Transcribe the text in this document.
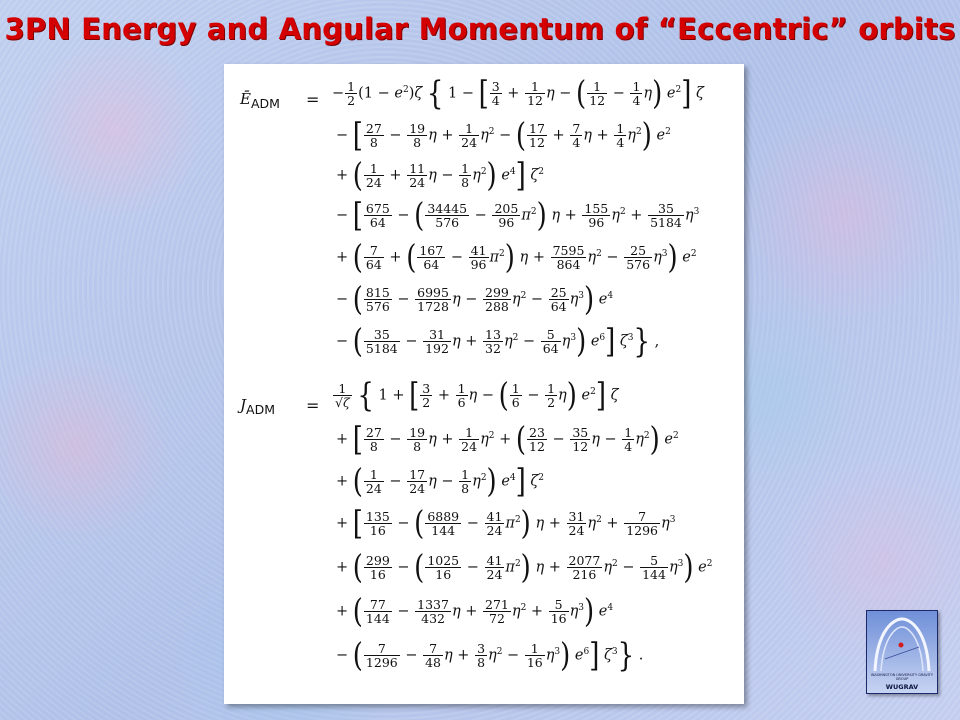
3PN Energy and Angular Momentum of “Eccentric” orbits
$Ē_{ADM}$ = − $\frac{1}{2} (1 - e^2)\zeta$ { 1 − [ $\frac{3}{4} + \frac{1}{12}$ η − ( $\frac{1}{12} - \frac{1}{4} \eta$) $e^2$] ζ
− [ $\frac{27}{8} - \frac{19}{8}$ $\eta + \frac{1}{24} \eta^2$ − ( $\frac{17}{12} + \frac{7}{4}$ $\eta + \frac{1}{4} \eta^2$) $e^2$
+ ( $\frac{1}{24} + \frac{11}{24}$ $\eta - \frac{1}{8} \eta^2$) $e^4$] $\zeta^2$
− [ $\frac{675}{64}$ − ( $\frac{34445}{576} - \frac{205}{96} \pi^2$) $\eta + \frac{155}{96} \eta^2 + \frac{35}{5184} \eta^3$
+ ( $\frac{7}{64}$ + ( $\frac{167}{64} - \frac{41}{96} \pi^2$) $\eta + \frac{7595}{864} \eta^2 - \frac{25}{576} \eta^3$) $e^2$
− ( $\frac{815}{576} - \frac{6995}{1728}$ $\eta - \frac{299}{288} \eta^2 - \frac{25}{64} \eta^3$) $e^4$
− ( $\frac{35}{5184} - \frac{31}{192}$ $\eta + \frac{13}{32} \eta^2 - \frac{5}{64} \eta^3$) $e^6$] $\zeta^3$} ,
$J_{ADM} = \frac{1}{√\zeta}$ { 1 + [ $\frac{3}{2} + \frac{1}{6}$ η − ( $\frac{1}{6} - \frac{1}{2} \eta$) $e^2$] ζ
+ [ $\frac{27}{8} - \frac{19}{8}$ $\eta + \frac{1}{24} \eta^2$ + ( $\frac{23}{12} - \frac{35}{12}$ $\eta - \frac{1}{4} \eta^2$) $e^2$
+ ( $\frac{1}{24} - \frac{17}{24}$ $\eta - \frac{1}{8} \eta^2$) $e^4$] $\zeta^2$
+ [ $\frac{135}{16}$ − ( $\frac{6889}{144} - \frac{41}{24} \pi^2$) $\eta + \frac{31}{24} \eta^2 + \frac{7}{1296} \eta^3$
+ ( $\frac{299}{16}$ − ( $\frac{1025}{16} - \frac{41}{24} \pi^2$) $\eta + \frac{2077}{216} \eta^2 - \frac{5}{144} \eta^3$) $e^2$
+ ( $\frac{77}{144} - \frac{1337}{432}$ $\eta + \frac{271}{72} \eta^2 + \frac{5}{16} \eta^3$) $e^4$
− ( $\frac{7}{1296} - \frac{7}{48}$ $\eta + \frac{3}{8} \eta^2 - \frac{1}{16} \eta^3$) $e^6$] $\zeta^3$} .
WASHINGTON UNIVERSITY GRAVITY GROUP
WUGRAV
